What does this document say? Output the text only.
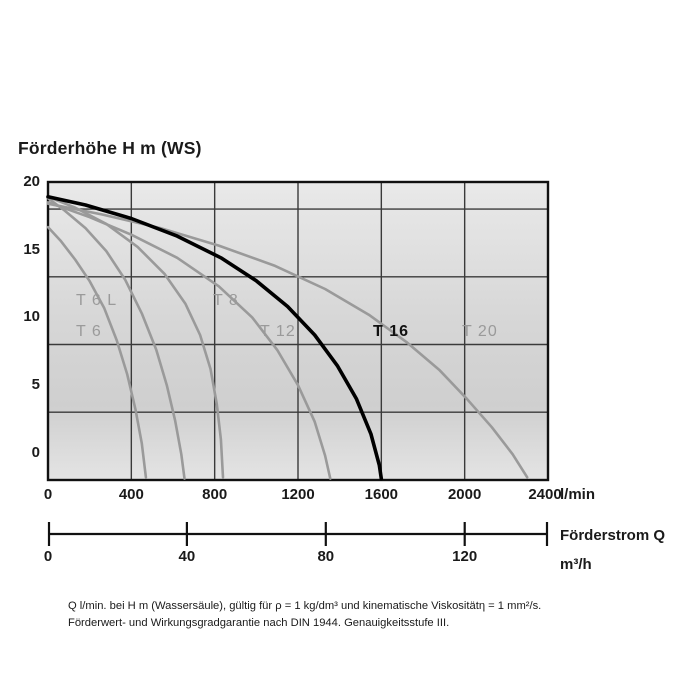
Förderhöhe H m (WS)
20
15
10
5
0
T 6 L
T 6
T 8
T 12	T 16	T 20
0	400	800	1200	1600	2000	2400
l/min
0	40	80	120
Förderstrom Q
m³/h
Q l/min. bei H m (Wassersäule), gültig für ρ = 1 kg/dm³ und kinematische Viskositätη = 1 mm²/s.
Förderwert- und Wirkungsgradgarantie nach DIN 1944. Genauigkeitsstufe III.
